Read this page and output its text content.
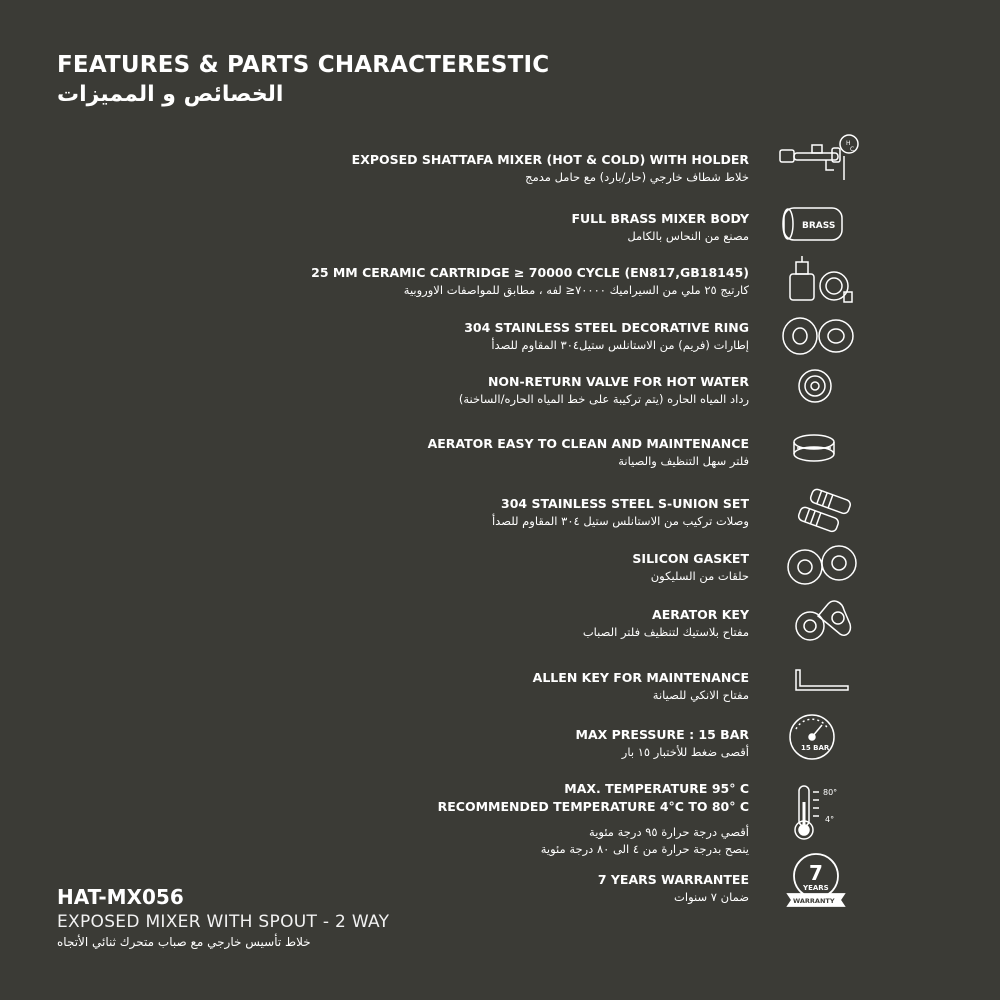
FEATURES & PARTS CHARACTERESTIC
الخصائص و المميزات
EXPOSED SHATTAFA MIXER (HOT & COLD) WITH HOLDER
خلاط شطاف خارجي (حار/بارد) مع حامل مدمج
H
C
FULL BRASS MIXER BODY
مصنع من النحاس بالكامل
BRASS
25 MM CERAMIC CARTRIDGE ≥ 70000 CYCLE (EN817,GB18145)
كارتيج ٢٥ ملي من السيراميك ٧٠٠٠٠≤ لفه ، مطابق للمواصفات الاوروبية
304 STAINLESS STEEL DECORATIVE RING
إطارات (فريم) من الاستانلس ستيل٣٠٤ المقاوم للصدأ
NON-RETURN VALVE FOR HOT WATER
رداد المياه الحاره (يتم تركيبة على خط المياه الحاره/الساخنة)
AERATOR EASY TO CLEAN AND MAINTENANCE
فلتر سهل التنظيف والصيانة
304 STAINLESS STEEL S-UNION SET
وصلات تركيب من الاستانلس ستيل ٣٠٤ المقاوم للصدأ
SILICON GASKET
حلقات من السليكون
AERATOR KEY
مفتاح بلاستيك لتنظيف فلتر الصباب
ALLEN KEY FOR MAINTENANCE
مفتاح الانكي للصيانة
MAX PRESSURE : 15 BAR
أقصى ضغط للأختبار ١٥ بار	15 BAR
MAX. TEMPERATURE 95° C
RECOMMENDED TEMPERATURE 4°C TO 80° C
أقصي درجة حرارة ٩٥ درجة مئوية
ينصح بدرجة حرارة من ٤ الى ٨٠ درجة مئوية
80°
4°
7 YEARS WARRANTEE
ضمان ٧ سنوات
7
YEARS
WARRANTY
HAT-MX056
EXPOSED MIXER WITH SPOUT - 2 WAY
خلاط تأسيس خارجي مع صباب متحرك ثنائي الأتجاه
